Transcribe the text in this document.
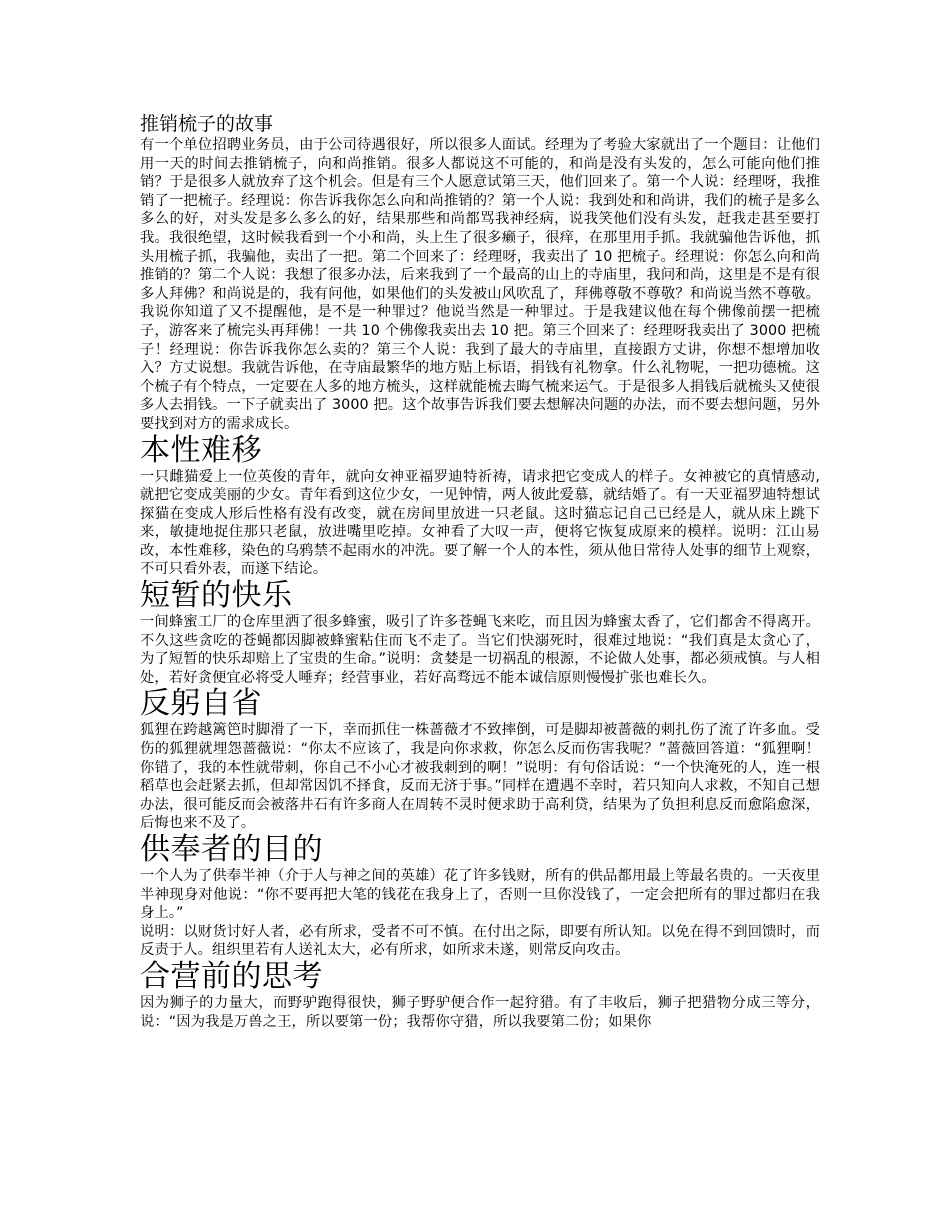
推销梳子的故事

有一个单位招聘业务员，由于公司待遇很好，所以很多人面试。经理为了考验大家就出了一个题目：让他们用一天的时间去推销梳子，向和尚推销。很多人都说这不可能的，和尚是没有头发的，怎么可能向他们推销？于是很多人就放弃了这个机会。但是有三个人愿意试第三天，他们回来了。第一个人说：经理呀，我推销了一把梳子。经理说：你告诉我你怎么向和尚推销的？第一个人说：我到处和和尚讲，我们的梳子是多么多么的好，对头发是多么多么的好，结果那些和尚都骂我神经病，说我笑他们没有头发，赶我走甚至要打我。我很绝望，这时候我看到一个小和尚，头上生了很多癞子，很痒，在那里用手抓。我就骗他告诉他，抓头用梳子抓，我骗他，卖出了一把。第二个回来了：经理呀，我卖出了 10 把梳子。经理说：你怎么向和尚推销的？第二个人说：我想了很多办法，后来我到了一个最高的山上的寺庙里，我问和尚，这里是不是有很多人拜佛？和尚说是的，我有问他，如果他们的头发被山风吹乱了，拜佛尊敬不尊敬？和尚说当然不尊敬。我说你知道了又不提醒他，是不是一种罪过？他说当然是一种罪过。于是我建议他在每个佛像前摆一把梳子，游客来了梳完头再拜佛！一共 10 个佛像我卖出去 10 把。第三个回来了：经理呀我卖出了 3000 把梳子！经理说：你告诉我你怎么卖的？第三个人说：我到了最大的寺庙里，直接跟方丈讲，你想不想增加收入？方丈说想。我就告诉他，在寺庙最繁华的地方贴上标语，捐钱有礼物拿。什么礼物呢，一把功德梳。这个梳子有个特点，一定要在人多的地方梳头，这样就能梳去晦气梳来运气。于是很多人捐钱后就梳头又使很多人去捐钱。一下子就卖出了 3000 把。这个故事告诉我们要去想解决问题的办法，而不要去想问题，另外要找到对方的需求成长。

本性难移

一只雌猫爱上一位英俊的青年，就向女神亚福罗迪特祈祷，请求把它变成人的样子。女神被它的真情感动,就把它变成美丽的少女。青年看到这位少女，一见钟情，两人彼此爱慕，就结婚了。有一天亚福罗迪特想试探猫在变成人形后性格有没有改变，就在房间里放进一只老鼠。这时猫忘记自己已经是人，就从床上跳下来，敏捷地捉住那只老鼠，放进嘴里吃掉。女神看了大叹一声，便将它恢复成原来的模样。说明：江山易改，本性难移，染色的乌鸦禁不起雨水的冲洗。要了解一个人的本性，须从他日常待人处事的细节上观察，不可只看外表，而遂下结论。

短暂的快乐

一间蜂蜜工厂的仓库里洒了很多蜂蜜，吸引了许多苍蝇飞来吃，而且因为蜂蜜太香了，它们都舍不得离开。不久这些贪吃的苍蝇都因脚被蜂蜜粘住而飞不走了。当它们快溺死时，很难过地说：“我们真是太贪心了，为了短暂的快乐却赔上了宝贵的生命。”说明：贪婪是一切祸乱的根源，不论做人处事，都必须戒慎。与人相处，若好贪便宜必将受人唾弃；经营事业，若好高骛远不能本诚信原则慢慢扩张也难长久。

反躬自省

狐狸在跨越篱笆时脚滑了一下，幸而抓住一株蔷薇才不致摔倒，可是脚却被蔷薇的刺扎伤了流了许多血。受伤的狐狸就埋怨蔷薇说：“你太不应该了，我是向你求救，你怎么反而伤害我呢？”蔷薇回答道：“狐狸啊！你错了，我的本性就带刺，你自己不小心才被我刺到的啊！”说明：有句俗话说：“一个快淹死的人，连一根稻草也会赶紧去抓，但却常因饥不择食，反而无济于事。”同样在遭遇不幸时，若只知向人求救，不知自己想办法，很可能反而会被落井石有许多商人在周转不灵时便求助于高利贷，结果为了负担利息反而愈陷愈深，后悔也来不及了。

供奉者的目的

一个人为了供奉半神（介于人与神之间的英雄）花了许多钱财，所有的供品都用最上等最名贵的。一天夜里半神现身对他说：“你不要再把大笔的钱花在我身上了，否则一旦你没钱了，一定会把所有的罪过都归在我身上。”

说明：以财货讨好人者，必有所求，受者不可不慎。在付出之际，即要有所认知。以免在得不到回馈时，而反责于人。组织里若有人送礼太大，必有所求，如所求未遂，则常反向攻击。

合营前的思考

因为狮子的力量大，而野驴跑得很快，狮子野驴便合作一起狩猎。有了丰收后，狮子把猎物分成三等分，说：“因为我是万兽之王，所以要第一份；我帮你守猎，所以我要第二份；如果你
